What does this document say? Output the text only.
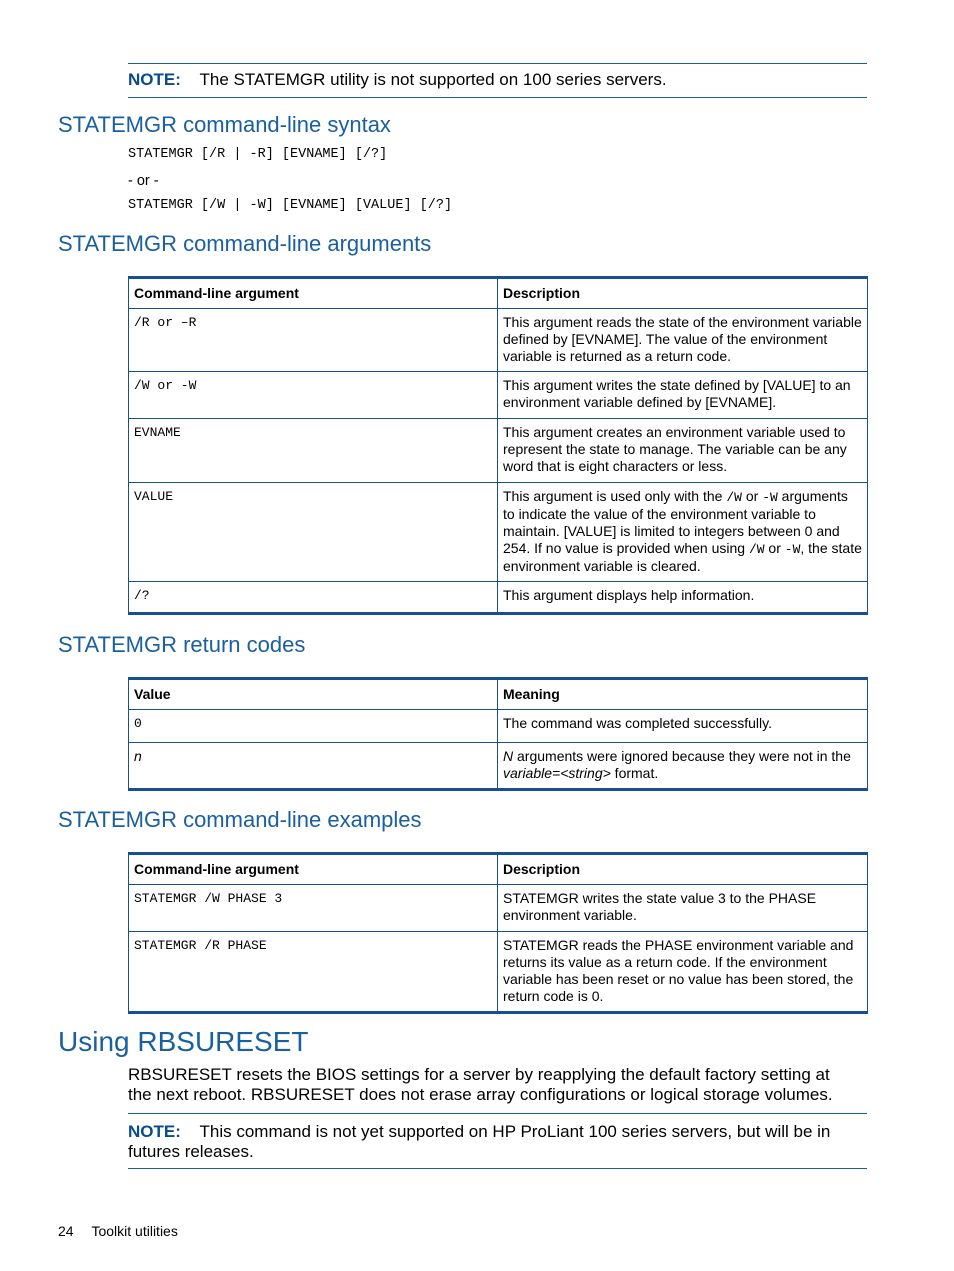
NOTE: The STATEMGR utility is not supported on 100 series servers.
STATEMGR command-line syntax
STATEMGR [/R | -R] [EVNAME] [/?]
- or -
STATEMGR [/W | -W] [EVNAME] [VALUE] [/?]
STATEMGR command-line arguments
Command-line argument	Description
/R or –R	This argument reads the state of the environment variable defined by [EVNAME]. The value of the environment variable is returned as a return code.
/W or -W	This argument writes the state defined by [VALUE] to an environment variable defined by [EVNAME].
EVNAME	This argument creates an environment variable used to represent the state to manage. The variable can be any word that is eight characters or less.
VALUE	This argument is used only with the /W or -W arguments to indicate the value of the environment variable to maintain. [VALUE] is limited to integers between 0 and 254. If no value is provided when using /W or -W, the state environment variable is cleared.
/?	This argument displays help information.
STATEMGR return codes
Value	Meaning
0	The command was completed successfully.
n	N arguments were ignored because they were not in the variable=<string> format.
STATEMGR command-line examples
Command-line argument	Description
STATEMGR /W PHASE 3	STATEMGR writes the state value 3 to the PHASE environment variable.
STATEMGR /R PHASE	STATEMGR reads the PHASE environment variable and returns its value as a return code. If the environment variable has been reset or no value has been stored, the return code is 0.
Using RBSURESET
RBSURESET resets the BIOS settings for a server by reapplying the default factory setting at the next reboot. RBSURESET does not erase array configurations or logical storage volumes.
NOTE: This command is not yet supported on HP ProLiant 100 series servers, but will be in futures releases.
24 Toolkit utilities
